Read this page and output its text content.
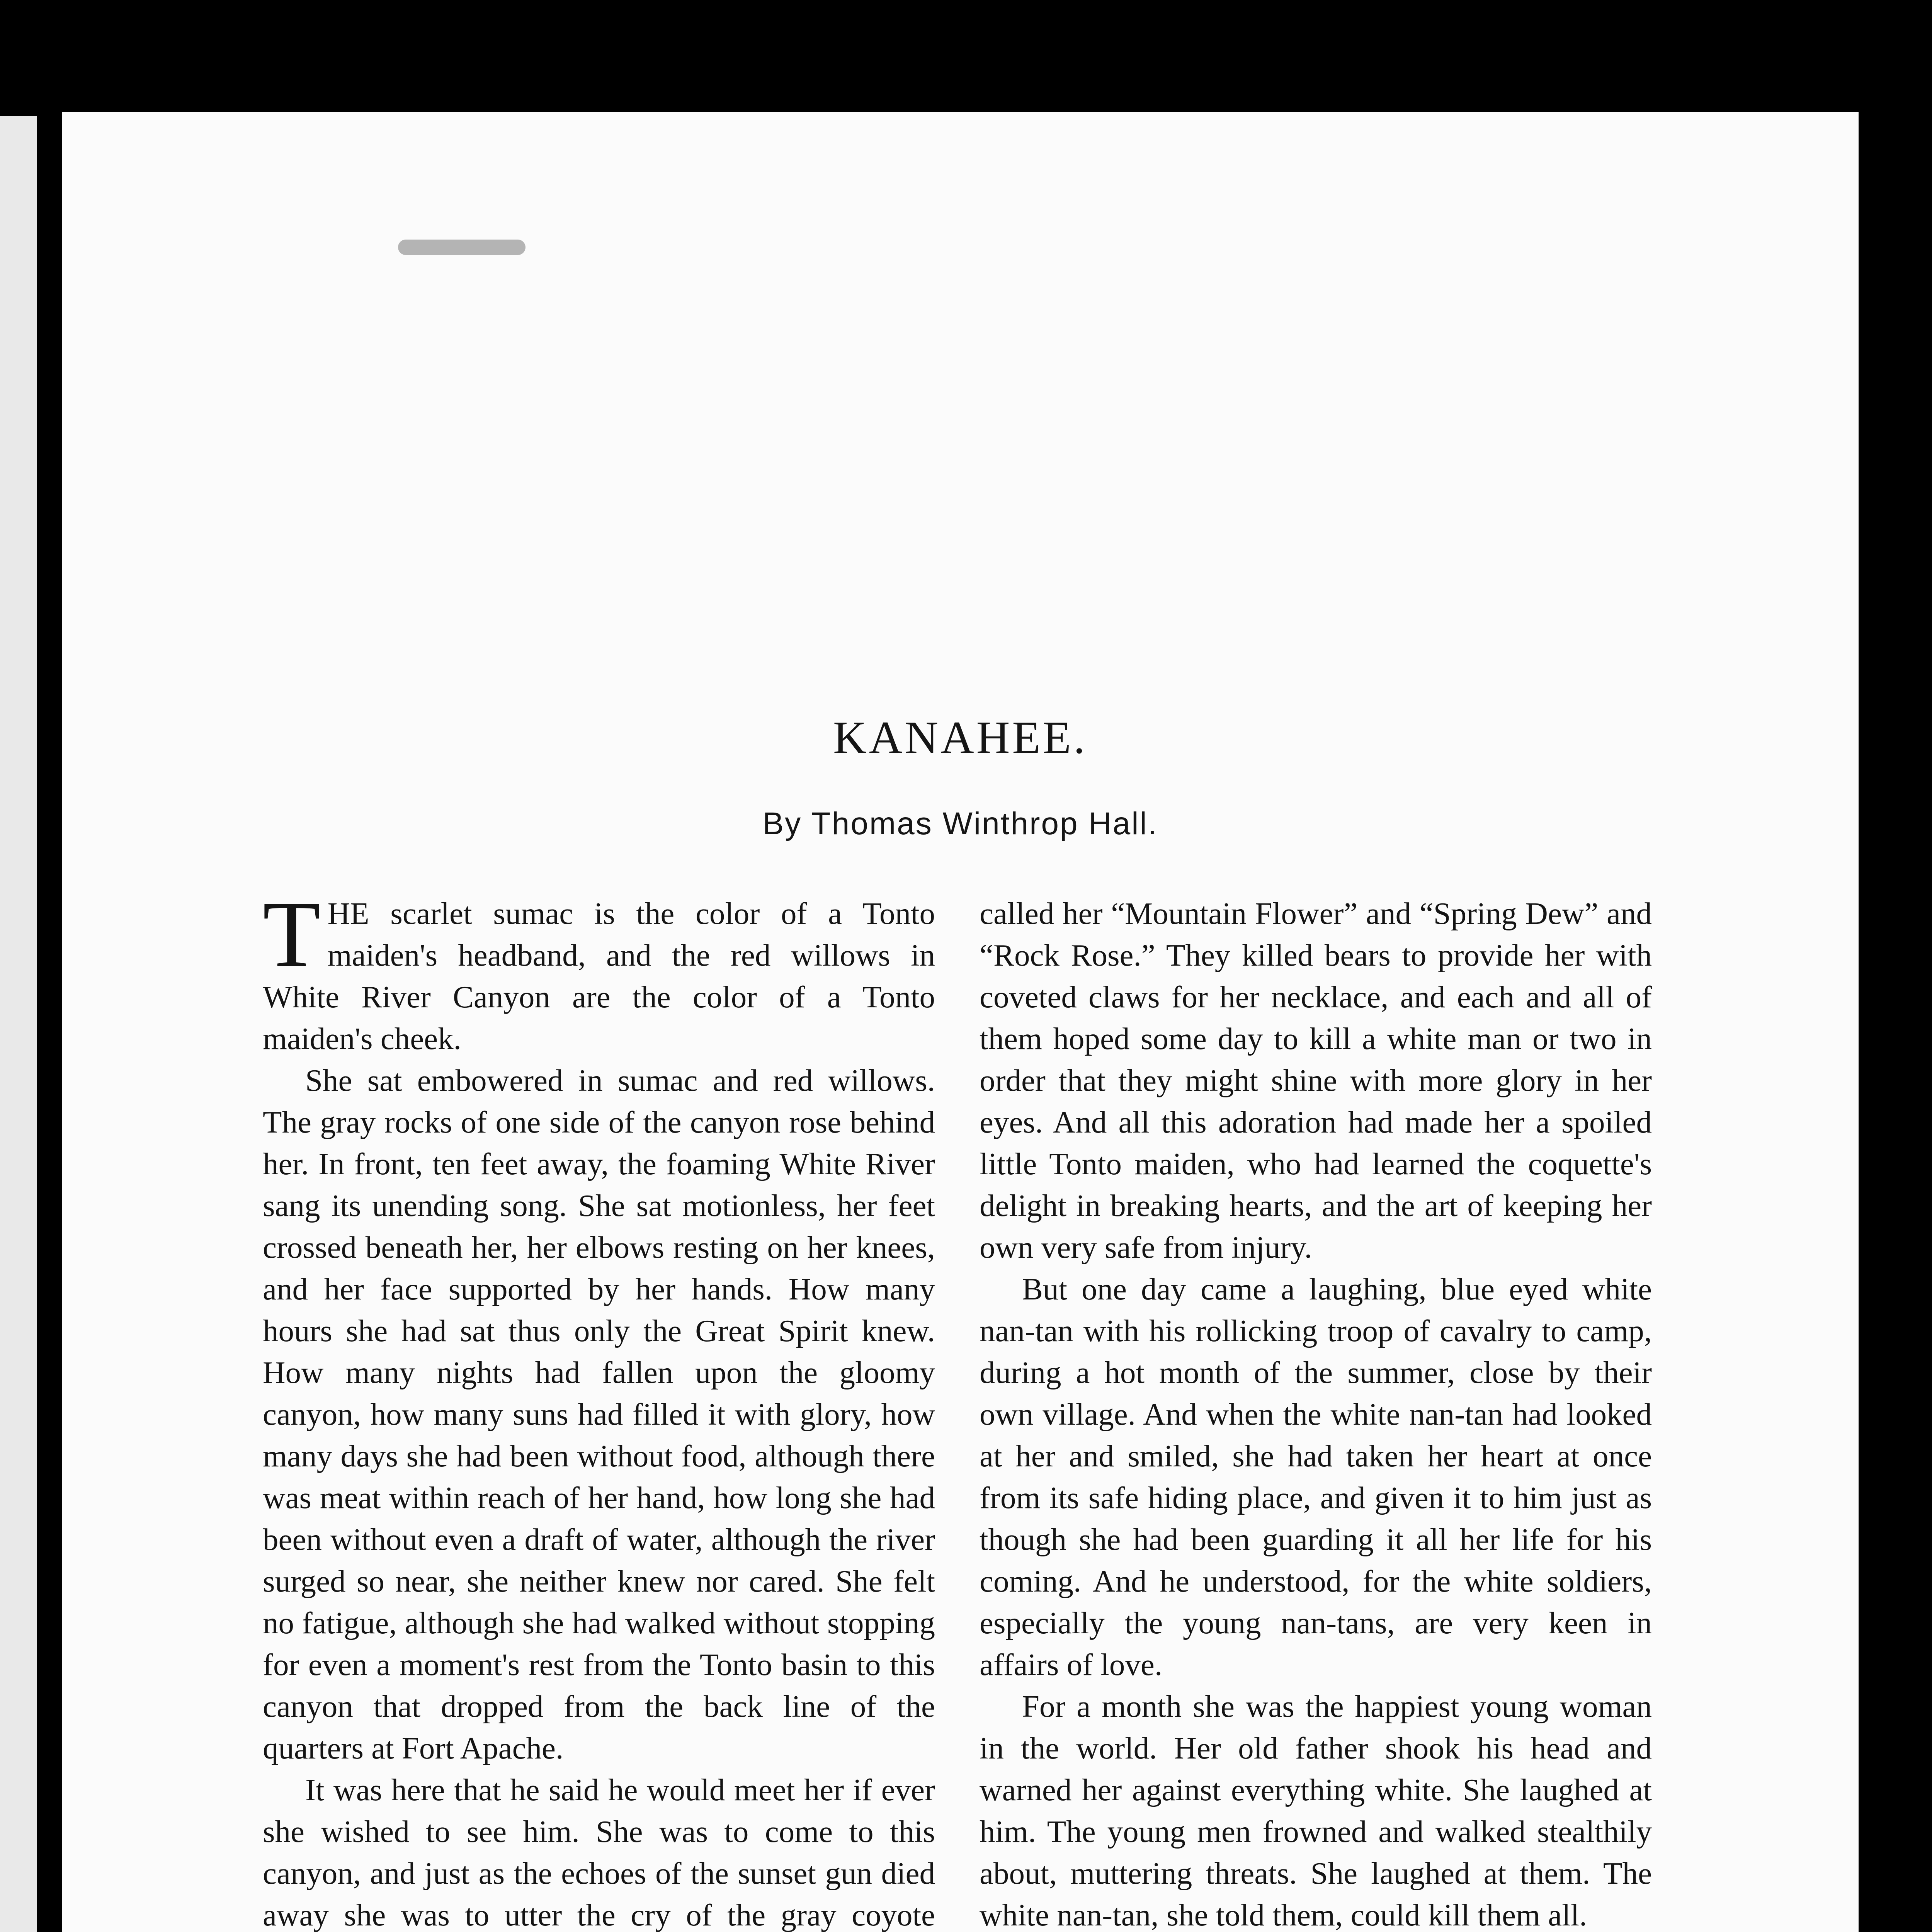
KANAHEE.
By Thomas Winthrop Hall.

THE scarlet sumac is the color of a Tonto maiden's headband, and the red willows in White River Canyon are the color of a Tonto maiden's cheek.

She sat embowered in sumac and red willows. The gray rocks of one side of the canyon rose behind her. In front, ten feet away, the foaming White River sang its unending song. She sat motionless, her feet crossed beneath her, her elbows resting on her knees, and her face supported by her hands. How many hours she had sat thus only the Great Spirit knew. How many nights had fallen upon the gloomy canyon, how many suns had filled it with glory, how many days she had been without food, although there was meat within reach of her hand, how long she had been without even a draft of water, although the river surged so near, she neither knew nor cared. She felt no fatigue, although she had walked without stopping for even a moment's rest from the Tonto basin to this canyon that dropped from the back line of the quarters at Fort Apache.

It was here that he said he would meet her if ever she wished to see him. She was to come to this canyon, and just as the echoes of the sunset gun died away she was to utter the cry of the gray coyote

called her “Mountain Flower” and “Spring Dew” and “Rock Rose.” They killed bears to provide her with coveted claws for her necklace, and each and all of them hoped some day to kill a white man or two in order that they might shine with more glory in her eyes. And all this adoration had made her a spoiled little Tonto maiden, who had learned the coquette's delight in breaking hearts, and the art of keeping her own very safe from injury.

But one day came a laughing, blue eyed white nan-tan with his rollicking troop of cavalry to camp, during a hot month of the summer, close by their own village. And when the white nan-tan had looked at her and smiled, she had taken her heart at once from its safe hiding place, and given it to him just as though she had been guarding it all her life for his coming. And he understood, for the white soldiers, especially the young nan-tans, are very keen in affairs of love.

For a month she was the happiest young woman in the world. Her old father shook his head and warned her against everything white. She laughed at him. The young men frowned and walked stealthily about, muttering threats. She laughed at them. The white nan-tan, she told them, could kill them all.
